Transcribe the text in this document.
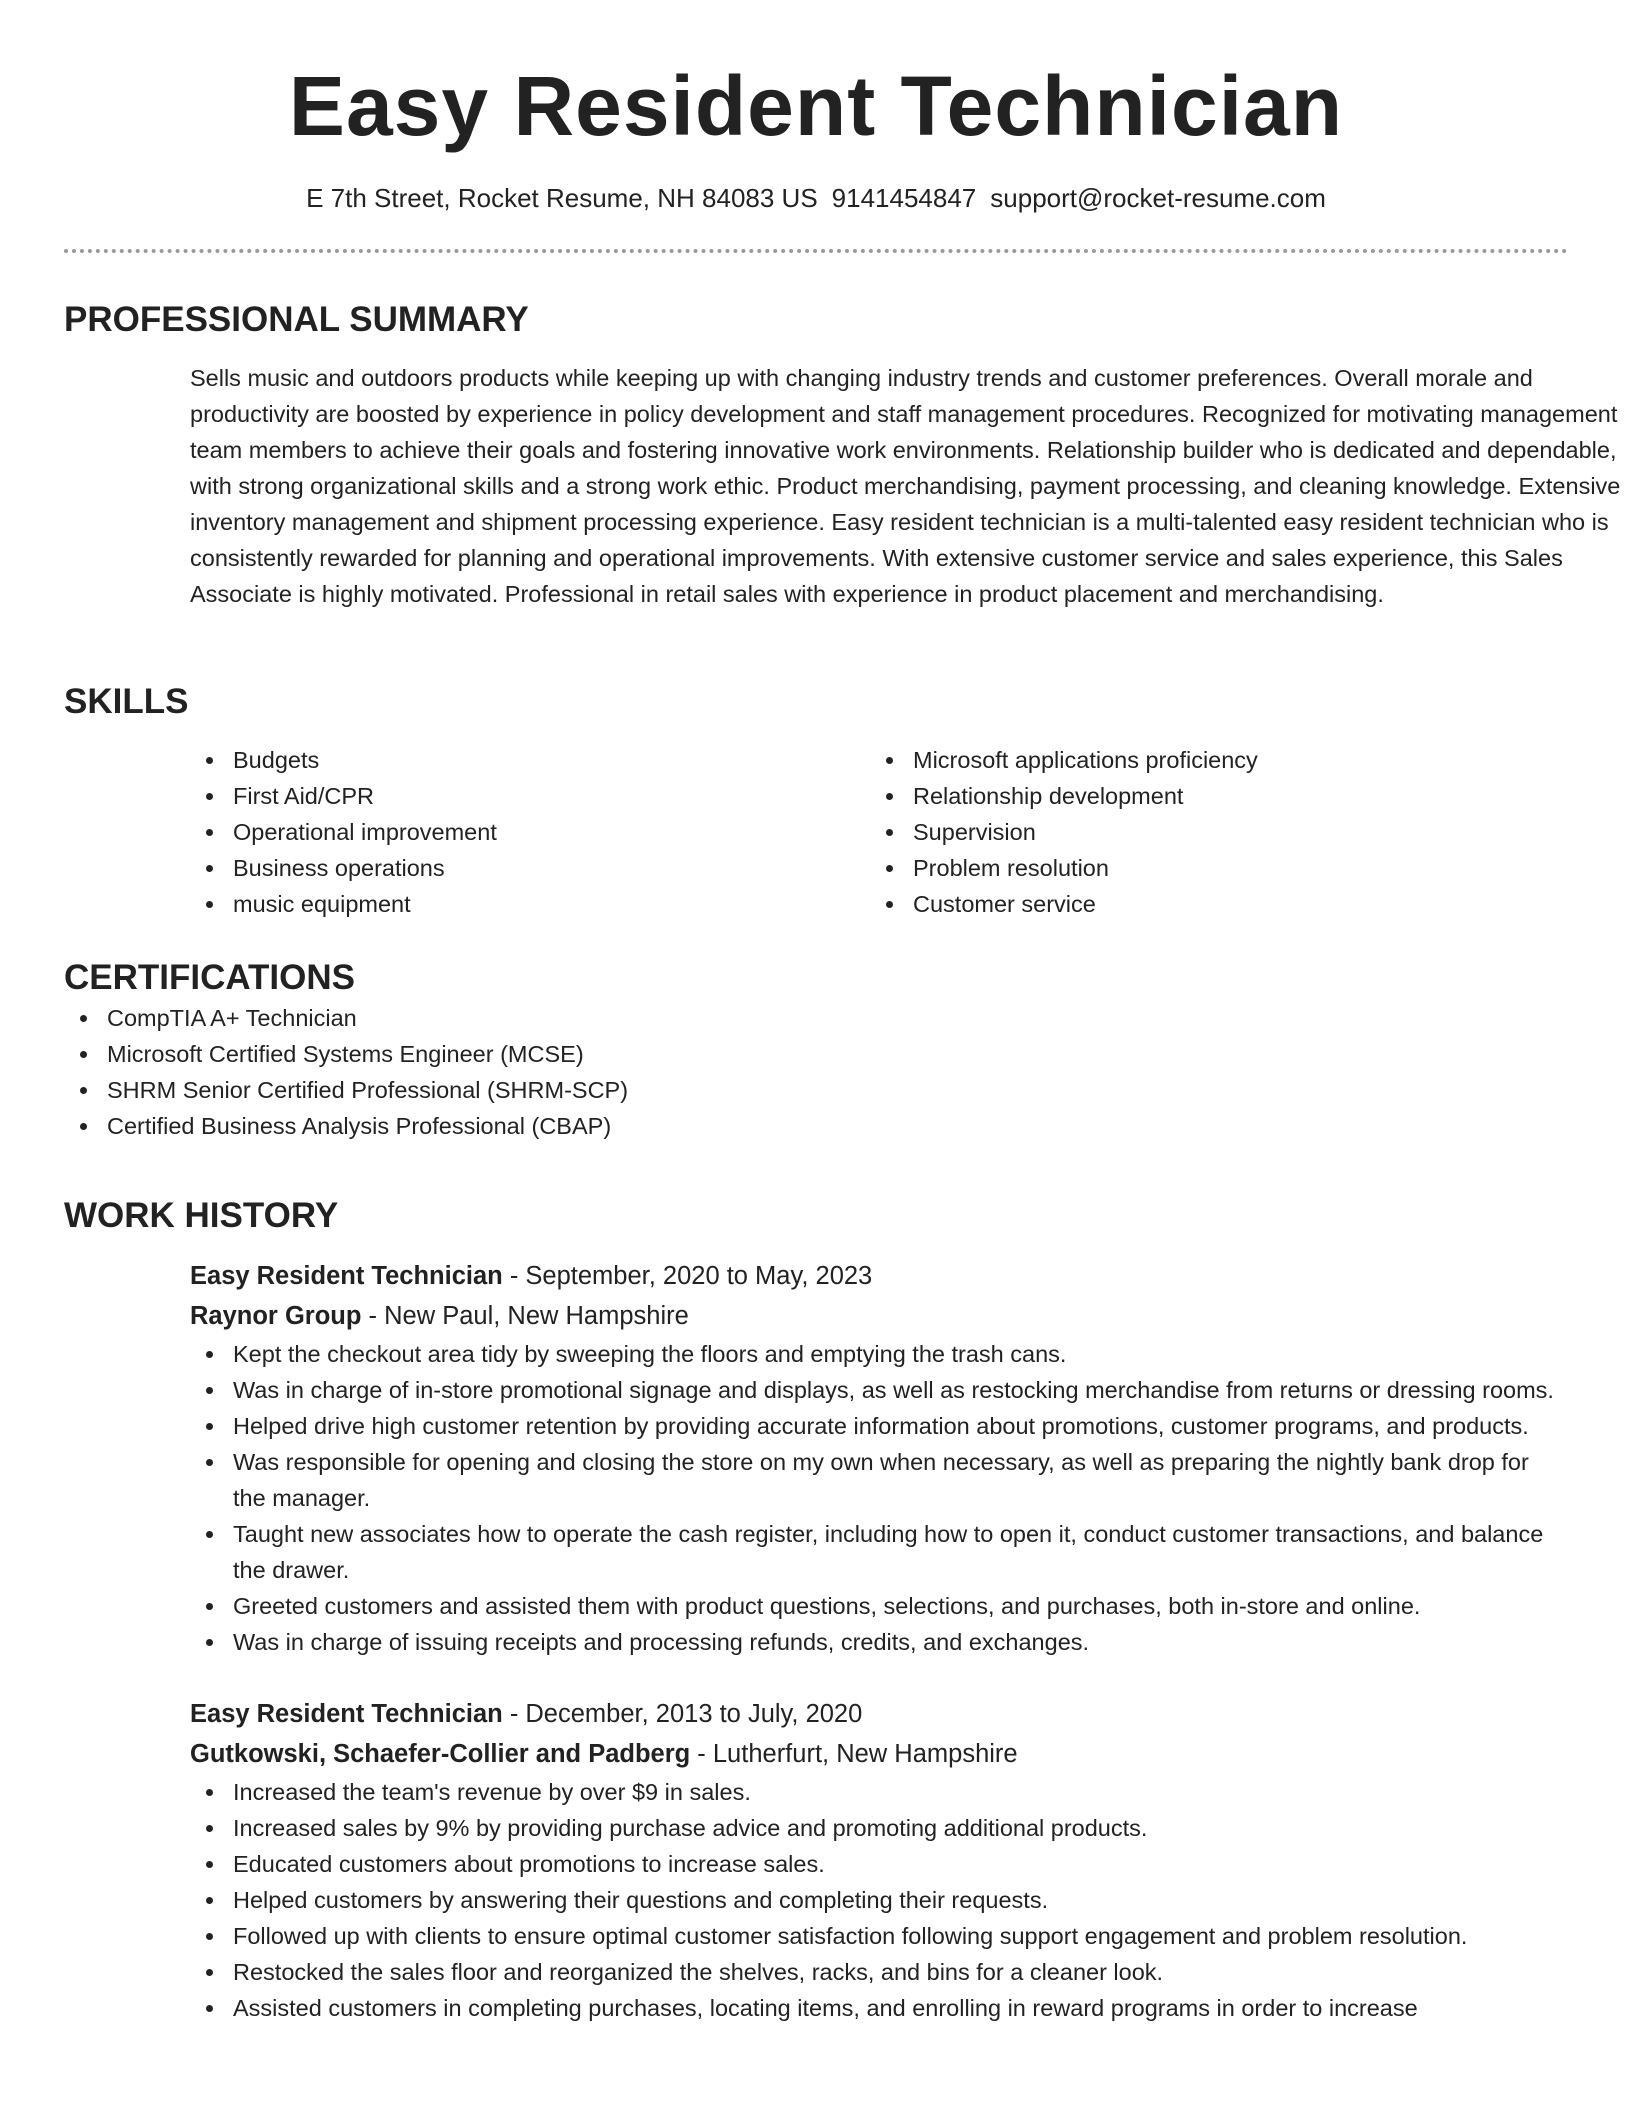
Easy Resident Technician
E 7th Street, Rocket Resume, NH 84083 US 9141454847 support@rocket-resume.com
PROFESSIONAL SUMMARY
Sells music and outdoors products while keeping up with changing industry trends and customer preferences. Overall morale and productivity are boosted by experience in policy development and staff management procedures. Recognized for motivating management team members to achieve their goals and fostering innovative work environments. Relationship builder who is dedicated and dependable, with strong organizational skills and a strong work ethic. Product merchandising, payment processing, and cleaning knowledge. Extensive inventory management and shipment processing experience. Easy resident technician is a multi-talented easy resident technician who is consistently rewarded for planning and operational improvements. With extensive customer service and sales experience, this Sales Associate is highly motivated. Professional in retail sales with experience in product placement and merchandising.
SKILLS
Budgets
First Aid/CPR
Operational improvement
Business operations
music equipment
Microsoft applications proficiency
Relationship development
Supervision
Problem resolution
Customer service
CERTIFICATIONS
CompTIA A+ Technician
Microsoft Certified Systems Engineer (MCSE)
SHRM Senior Certified Professional (SHRM-SCP)
Certified Business Analysis Professional (CBAP)
WORK HISTORY
Easy Resident Technician - September, 2020 to May, 2023
Raynor Group - New Paul, New Hampshire
Kept the checkout area tidy by sweeping the floors and emptying the trash cans.
Was in charge of in-store promotional signage and displays, as well as restocking merchandise from returns or dressing rooms.
Helped drive high customer retention by providing accurate information about promotions, customer programs, and products.
Was responsible for opening and closing the store on my own when necessary, as well as preparing the nightly bank drop for the manager.
Taught new associates how to operate the cash register, including how to open it, conduct customer transactions, and balance the drawer.
Greeted customers and assisted them with product questions, selections, and purchases, both in-store and online.
Was in charge of issuing receipts and processing refunds, credits, and exchanges.
Easy Resident Technician - December, 2013 to July, 2020
Gutkowski, Schaefer-Collier and Padberg - Lutherfurt, New Hampshire
Increased the team's revenue by over $9 in sales.
Increased sales by 9% by providing purchase advice and promoting additional products.
Educated customers about promotions to increase sales.
Helped customers by answering their questions and completing their requests.
Followed up with clients to ensure optimal customer satisfaction following support engagement and problem resolution.
Restocked the sales floor and reorganized the shelves, racks, and bins for a cleaner look.
Assisted customers in completing purchases, locating items, and enrolling in reward programs in order to increase
